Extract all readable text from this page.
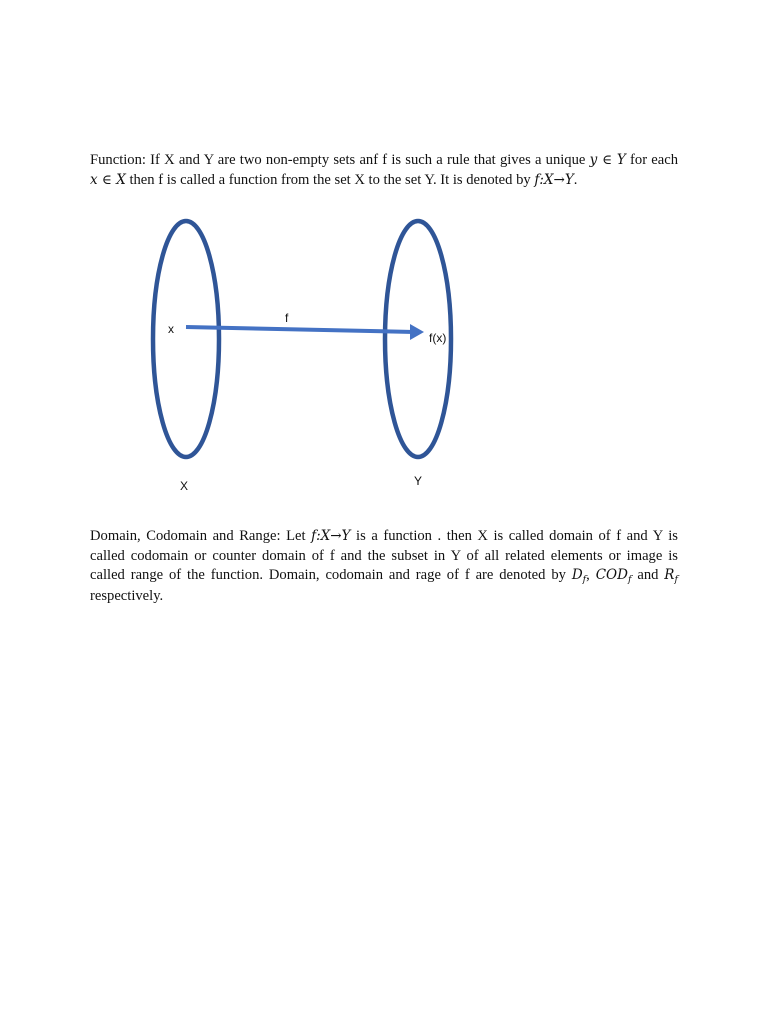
Function: If X and Y are two non-empty sets anf f is such a rule that gives a unique y ∈ Y for each
x ∈ X then f is called a function from the set X to the set Y. It is denoted by f:X→Y.
x
f
f(x)
X	Y
Domain, Codomain and Range: Let f:X→Y is a function . then X is called domain of f and Y is
called codomain or counter domain of f and the subset in Y of all related elements or image is
called range of the function. Domain, codomain and rage of f are denoted by $D_f$, $COD_f$ and $R_f$
respectively.
